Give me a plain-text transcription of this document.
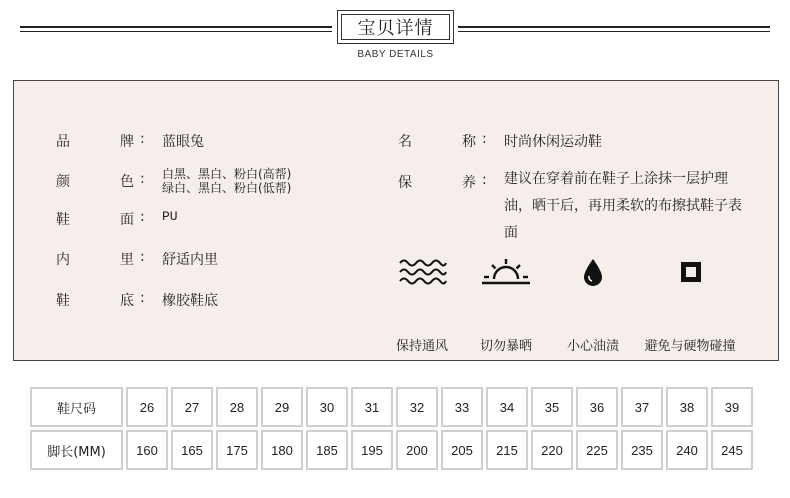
宝贝详情
BABY DETAILS
品	牌 :	蓝眼兔
颜	色 :	白黑、黑白、粉白(高帮)
绿白、黑白、粉白(低帮)
鞋	面 :	PU
内	里 :	舒适内里
鞋	底 :	橡胶鞋底
名	称 :	时尚休闲运动鞋
保	养 :	建议在穿着前在鞋子上涂抹一层护理油，晒干后，再用柔软的布擦拭鞋子表面
保持通风	切勿暴晒	小心油渍	避免与硬物碰撞
鞋尺码	26	27	28	29	30	31	32	33	34	35	36	37	38	39
脚长(MM)	160	165	175	180	185	195	200	205	215	220	225	235	240	245
